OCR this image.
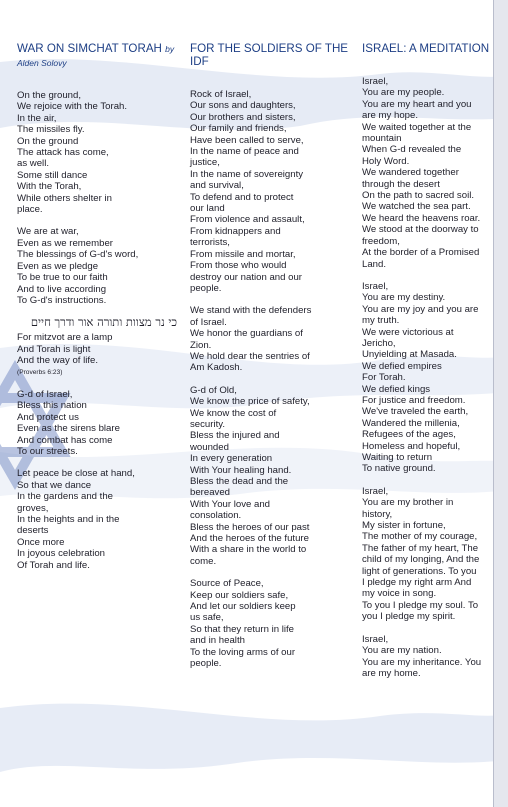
WAR ON SIMCHAT TORAH by Alden Solovy
On the ground,
We rejoice with the Torah.
In the air,
The missiles fly.
On the ground
The attack has come,
as well.
Some still dance
With the Torah,
While others shelter in
place.
We are at war,
Even as we remember
The blessings of G-d's word,
Even as we pledge
To be true to our faith
And to live according
To G-d's instructions.
כי נר מצוות ותורה אור ודרך חיים
For mitzvot are a lamp
And Torah is light
And the way of life.
(Proverbs 6:23)
G-d of Israel,
Bless this nation
And protect us
Even as the sirens blare
And combat has come
To our streets.
Let peace be close at hand,
So that we dance
In the gardens and the
groves,
In the heights and in the
deserts
Once more
In joyous celebration
Of Torah and life.
FOR THE SOLDIERS OF THE IDF
Rock of Israel,
Our sons and daughters,
Our brothers and sisters,
Our family and friends,
Have been called to serve,
In the name of peace and
justice,
In the name of sovereignty
and survival,
To defend and to protect
our land
From violence and assault,
From kidnappers and
terrorists,
From missile and mortar,
From those who would
destroy our nation and our
people.
We stand with the defenders
of Israel.
We honor the guardians of
Zion.
We hold dear the sentries of
Am Kadosh.
G-d of Old,
We know the price of safety,
We know the cost of
security.
Bless the injured and
wounded
In every generation
With Your healing hand.
Bless the dead and the
bereaved
With Your love and
consolation.
Bless the heroes of our past
And the heroes of the future
With a share in the world to
come.
Source of Peace,
Keep our soldiers safe,
And let our soldiers keep
us safe,
So that they return in life
and in health
To the loving arms of our
people.
ISRAEL: A MEDITATION
Israel,
You are my people.
You are my heart and you
are my hope.
We waited together at the
mountain
When G-d revealed the
Holy Word.
We wandered together
through the desert
On the path to sacred soil.
We watched the sea part.
We heard the heavens roar.
We stood at the doorway to
freedom,
At the border of a Promised
Land.
Israel,
You are my destiny.
You are my joy and you are
my truth.
We were victorious at
Jericho,
Unyielding at Masada.
We defied empires
For Torah.
We defied kings
For justice and freedom.
We've traveled the earth,
Wandered the millenia,
Refugees of the ages,
Homeless and hopeful,
Waiting to return
To native ground.
Israel,
You are my brother in
history,
My sister in fortune,
The mother of my courage,
The father of my heart, The
child of my longing, And the
light of generations. To you
I pledge my right arm And
my voice in song.
To you I pledge my soul. To
you I pledge my spirit.
Israel,
You are my nation.
You are my inheritance. You
are my home.
